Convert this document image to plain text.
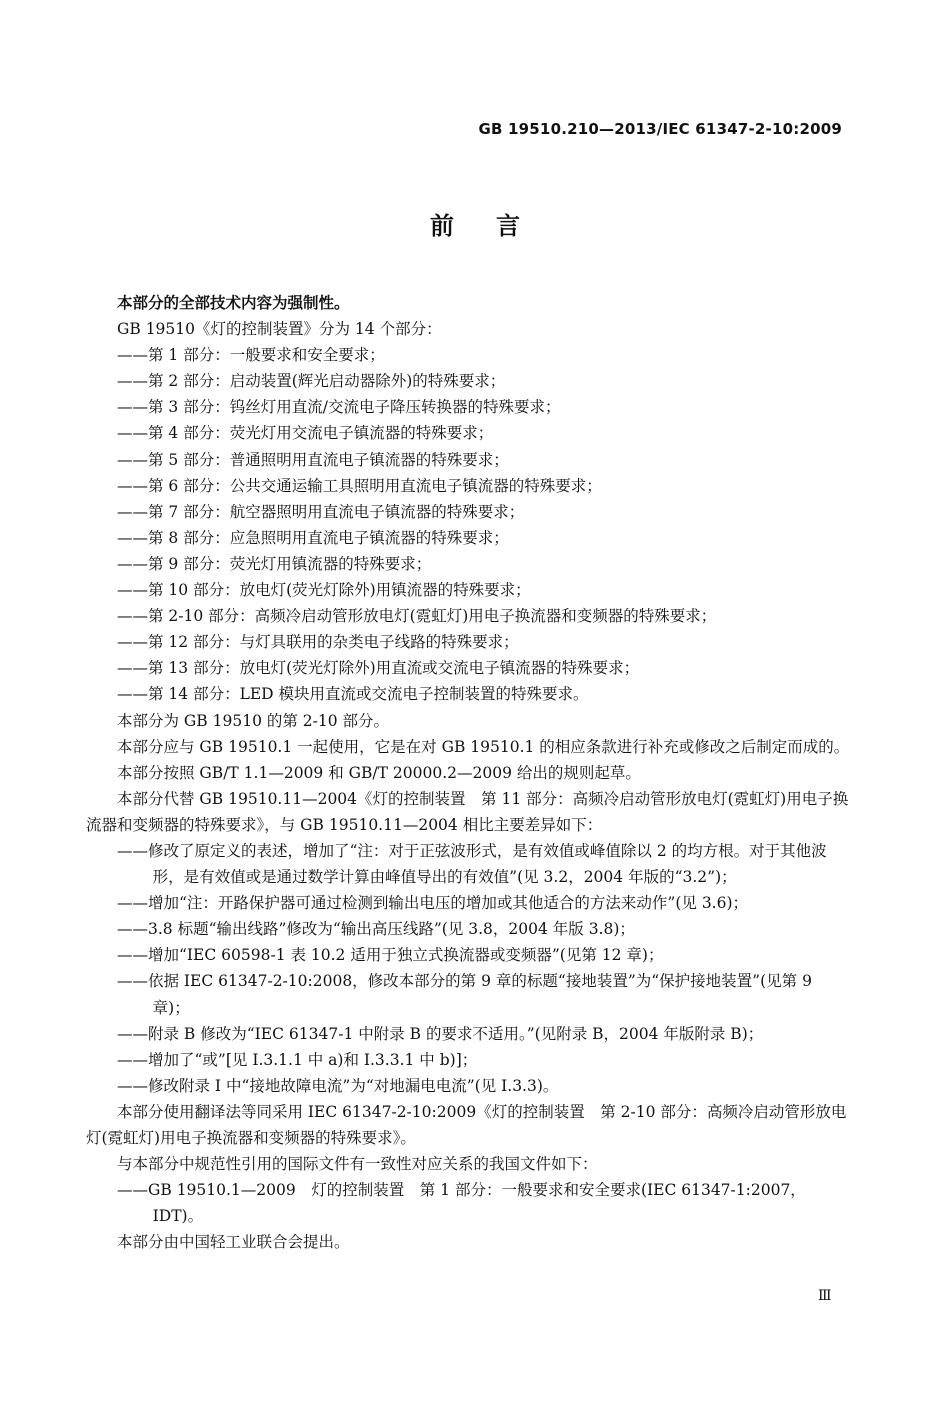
GB 19510.210—2013/IEC 61347-2-10:2009
前言

本部分的全部技术内容为强制性。

GB 19510《灯的控制装置》分为 14 个部分：

——第 1 部分：一般要求和安全要求；

——第 2 部分：启动装置(辉光启动器除外)的特殊要求；

——第 3 部分：钨丝灯用直流/交流电子降压转换器的特殊要求；

——第 4 部分：荧光灯用交流电子镇流器的特殊要求；

——第 5 部分：普通照明用直流电子镇流器的特殊要求；

——第 6 部分：公共交通运输工具照明用直流电子镇流器的特殊要求；

——第 7 部分：航空器照明用直流电子镇流器的特殊要求；

——第 8 部分：应急照明用直流电子镇流器的特殊要求；

——第 9 部分：荧光灯用镇流器的特殊要求；

——第 10 部分：放电灯(荧光灯除外)用镇流器的特殊要求；

——第 2-10 部分：高频冷启动管形放电灯(霓虹灯)用电子换流器和变频器的特殊要求；

——第 12 部分：与灯具联用的杂类电子线路的特殊要求；

——第 13 部分：放电灯(荧光灯除外)用直流或交流电子镇流器的特殊要求；

——第 14 部分：LED 模块用直流或交流电子控制装置的特殊要求。

本部分为 GB 19510 的第 2-10 部分。

本部分应与 GB 19510.1 一起使用，它是在对 GB 19510.1 的相应条款进行补充或修改之后制定而成的。

本部分按照 GB/T 1.1—2009 和 GB/T 20000.2—2009 给出的规则起草。

本部分代替 GB 19510.11—2004《灯的控制装置　第 11 部分：高频冷启动管形放电灯(霓虹灯)用电子换流器和变频器的特殊要求》，与 GB 19510.11—2004 相比主要差异如下：

——修改了原定义的表述，增加了“注：对于正弦波形式，是有效值或峰值除以 2 的均方根。对于其他波形，是有效值或是通过数学计算由峰值导出的有效值”(见 3.2，2004 年版的“3.2”)；

——增加“注：开路保护器可通过检测到输出电压的增加或其他适合的方法来动作”(见 3.6)；

——3.8 标题“输出线路”修改为“输出高压线路”(见 3.8，2004 年版 3.8)；

——增加“IEC 60598-1 表 10.2 适用于独立式换流器或变频器”(见第 12 章)；

——依据 IEC 61347-2-10:2008，修改本部分的第 9 章的标题“接地装置”为“保护接地装置”(见第 9 章)；

——附录 B 修改为“IEC 61347-1 中附录 B 的要求不适用。”(见附录 B，2004 年版附录 B)；

——增加了“或”[见 I.3.1.1 中 a)和 I.3.3.1 中 b)]；

——修改附录 I 中“接地故障电流”为“对地漏电电流”(见 I.3.3)。

本部分使用翻译法等同采用 IEC 61347-2-10:2009《灯的控制装置　第 2-10 部分：高频冷启动管形放电灯(霓虹灯)用电子换流器和变频器的特殊要求》。

与本部分中规范性引用的国际文件有一致性对应关系的我国文件如下：

——GB 19510.1—2009　灯的控制装置　第 1 部分：一般要求和安全要求(IEC 61347-1:2007，IDT)。

本部分由中国轻工业联合会提出。

Ⅲ
